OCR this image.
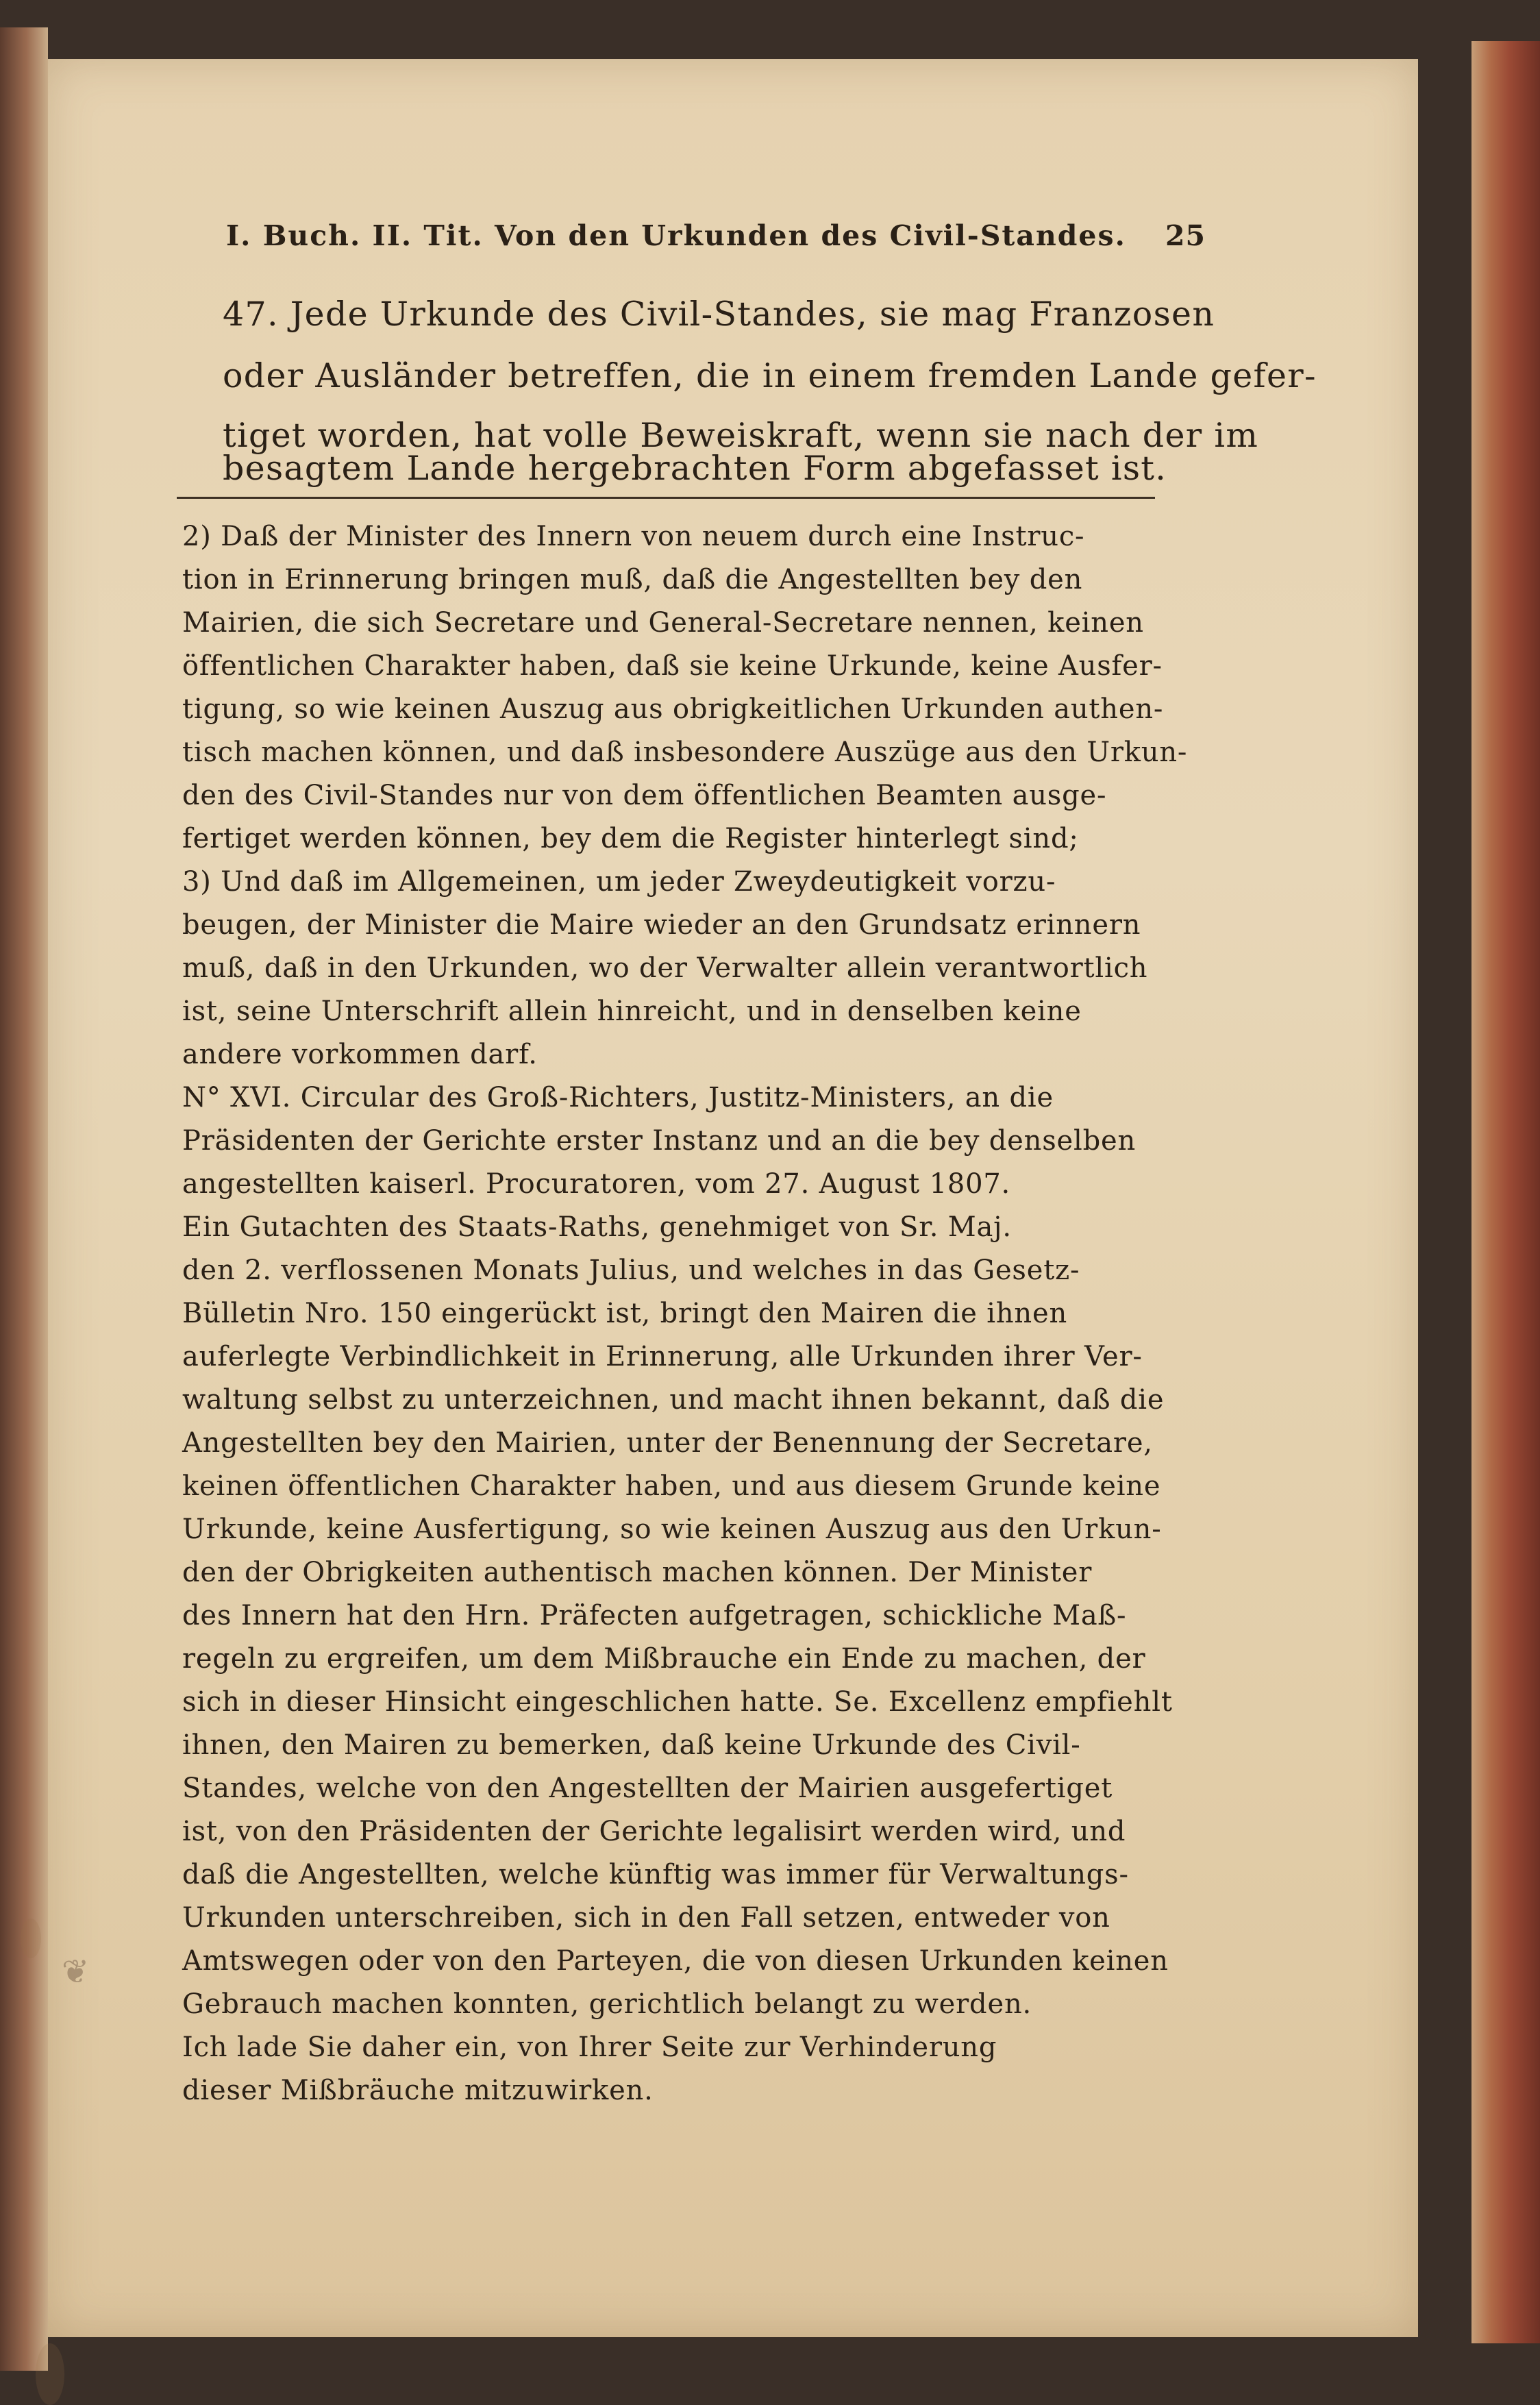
❦
I. Buch. II. Tit. Von den Urkunden des Civil-Standes. 25
47. Jede Urkunde des Civil-Standes, sie mag Franzosen
oder Ausländer betreffen, die in einem fremden Lande gefer-
tiget worden, hat volle Beweiskraft, wenn sie nach der im
besagtem Lande hergebrachten Form abgefasset ist.
2) Daß der Minister des Innern von neuem durch eine Instruc-
tion in Erinnerung bringen muß, daß die Angestellten bey den
Mairien, die sich Secretare und General-Secretare nennen, keinen
öffentlichen Charakter haben, daß sie keine Urkunde, keine Ausfer-
tigung, so wie keinen Auszug aus obrigkeitlichen Urkunden authen-
tisch machen können, und daß insbesondere Auszüge aus den Urkun-
den des Civil-Standes nur von dem öffentlichen Beamten ausge-
fertiget werden können, bey dem die Register hinterlegt sind;
3) Und daß im Allgemeinen, um jeder Zweydeutigkeit vorzu-
beugen, der Minister die Maire wieder an den Grundsatz erinnern
muß, daß in den Urkunden, wo der Verwalter allein verantwortlich
ist, seine Unterschrift allein hinreicht, und in denselben keine
andere vorkommen darf.
N° XVI. Circular des Groß-Richters, Justitz-Ministers, an die
Präsidenten der Gerichte erster Instanz und an die bey denselben
angestellten kaiserl. Procuratoren, vom 27. August 1807.
Ein Gutachten des Staats-Raths, genehmiget von Sr. Maj.
den 2. verflossenen Monats Julius, und welches in das Gesetz-
Bülletin Nro. 150 eingerückt ist, bringt den Mairen die ihnen
auferlegte Verbindlichkeit in Erinnerung, alle Urkunden ihrer Ver-
waltung selbst zu unterzeichnen, und macht ihnen bekannt, daß die
Angestellten bey den Mairien, unter der Benennung der Secretare,
keinen öffentlichen Charakter haben, und aus diesem Grunde keine
Urkunde, keine Ausfertigung, so wie keinen Auszug aus den Urkun-
den der Obrigkeiten authentisch machen können. Der Minister
des Innern hat den Hrn. Präfecten aufgetragen, schickliche Maß-
regeln zu ergreifen, um dem Mißbrauche ein Ende zu machen, der
sich in dieser Hinsicht eingeschlichen hatte. Se. Excellenz empfiehlt
ihnen, den Mairen zu bemerken, daß keine Urkunde des Civil-
Standes, welche von den Angestellten der Mairien ausgefertiget
ist, von den Präsidenten der Gerichte legalisirt werden wird, und
daß die Angestellten, welche künftig was immer für Verwaltungs-
Urkunden unterschreiben, sich in den Fall setzen, entweder von
Amtswegen oder von den Parteyen, die von diesen Urkunden keinen
Gebrauch machen konnten, gerichtlich belangt zu werden.
Ich lade Sie daher ein, von Ihrer Seite zur Verhinderung
dieser Mißbräuche mitzuwirken.
